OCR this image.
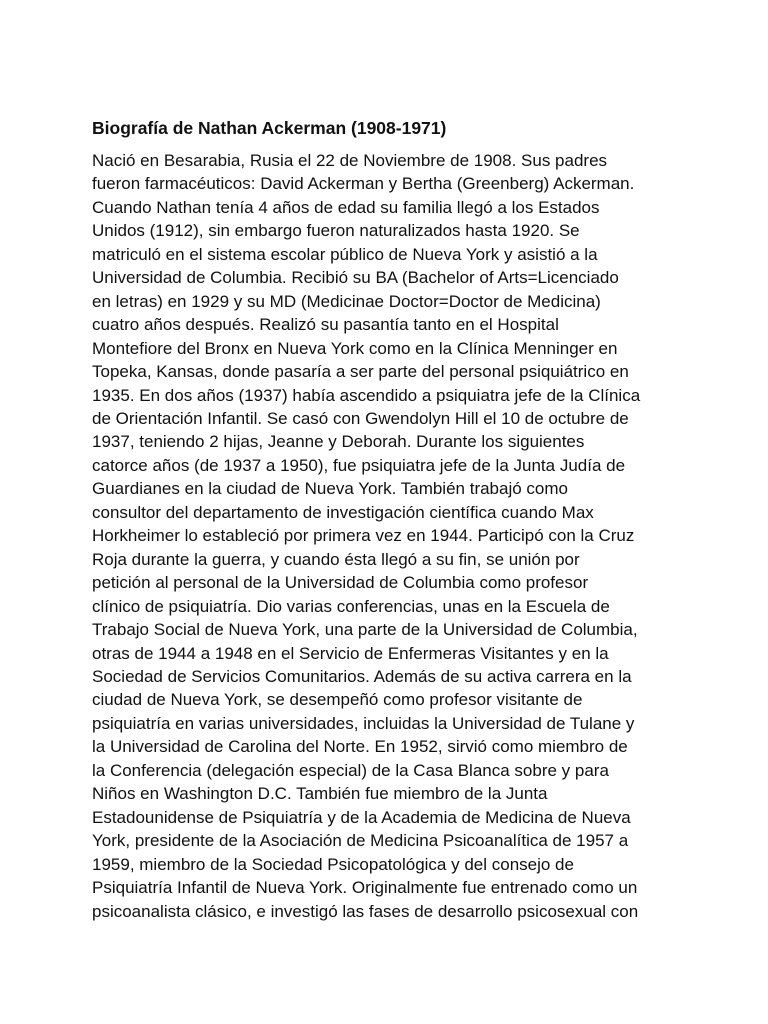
Biografía de Nathan Ackerman (1908-1971)
Nació en Besarabia, Rusia el 22 de Noviembre de 1908. Sus padres
fueron farmacéuticos: David Ackerman y Bertha (Greenberg) Ackerman.
Cuando Nathan tenía 4 años de edad su familia llegó a los Estados
Unidos (1912), sin embargo fueron naturalizados hasta 1920. Se
matriculó en el sistema escolar público de Nueva York y asistió a la
Universidad de Columbia. Recibió su BA (Bachelor of Arts=Licenciado
en letras) en 1929 y su MD (Medicinae Doctor=Doctor de Medicina)
cuatro años después. Realizó su pasantía tanto en el Hospital
Montefiore del Bronx en Nueva York como en la Clínica Menninger en
Topeka, Kansas, donde pasaría a ser parte del personal psiquiátrico en
1935. En dos años (1937) había ascendido a psiquiatra jefe de la Clínica
de Orientación Infantil. Se casó con Gwendolyn Hill el 10 de octubre de
1937, teniendo 2 hijas, Jeanne y Deborah. Durante los siguientes
catorce años (de 1937 a 1950), fue psiquiatra jefe de la Junta Judía de
Guardianes en la ciudad de Nueva York. También trabajó como
consultor del departamento de investigación científica cuando Max
Horkheimer lo estableció por primera vez en 1944. Participó con la Cruz
Roja durante la guerra, y cuando ésta llegó a su fin, se unión por
petición al personal de la Universidad de Columbia como profesor
clínico de psiquiatría. Dio varias conferencias, unas en la Escuela de
Trabajo Social de Nueva York, una parte de la Universidad de Columbia,
otras de 1944 a 1948 en el Servicio de Enfermeras Visitantes y en la
Sociedad de Servicios Comunitarios. Además de su activa carrera en la
ciudad de Nueva York, se desempeñó como profesor visitante de
psiquiatría en varias universidades, incluidas la Universidad de Tulane y
la Universidad de Carolina del Norte. En 1952, sirvió como miembro de
la Conferencia (delegación especial) de la Casa Blanca sobre y para
Niños en Washington D.C. También fue miembro de la Junta
Estadounidense de Psiquiatría y de la Academia de Medicina de Nueva
York, presidente de la Asociación de Medicina Psicoanalítica de 1957 a
1959, miembro de la Sociedad Psicopatológica y del consejo de
Psiquiatría Infantil de Nueva York. Originalmente fue entrenado como un
psicoanalista clásico, e investigó las fases de desarrollo psicosexual con
